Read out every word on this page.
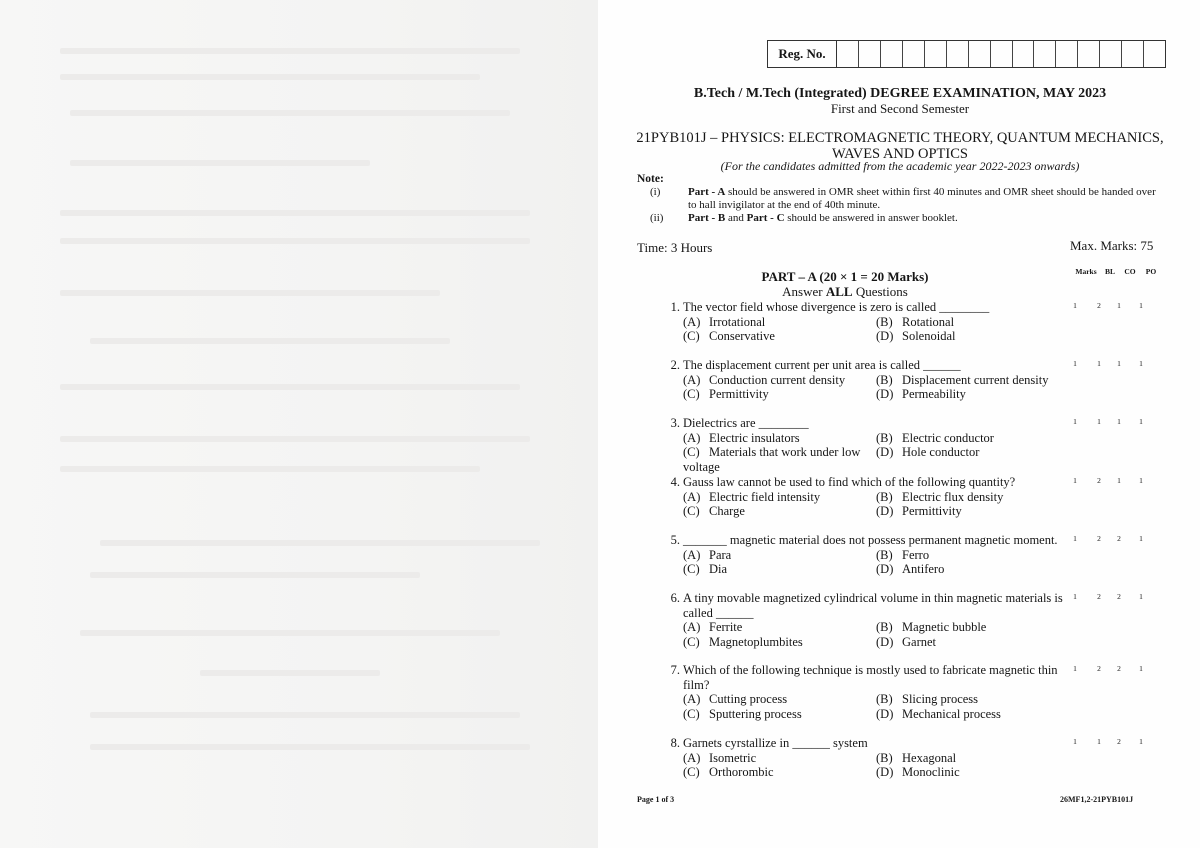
Reg. No.
B.Tech / M.Tech (Integrated) DEGREE EXAMINATION, MAY 2023
First and Second Semester
21PYB101J – PHYSICS: ELECTROMAGNETIC THEORY, QUANTUM MECHANICS, WAVES AND OPTICS
(For the candidates admitted from the academic year 2022-2023 onwards)
Note:
(i)	Part - A should be answered in OMR sheet within first 40 minutes and OMR sheet should be handed over to hall invigilator at the end of 40th minute.
(ii)	Part - B and Part - C should be answered in answer booklet.
Time: 3 Hours	Max. Marks: 75
PART – A (20 × 1 = 20 Marks)
Answer ALL Questions
Marks	BL	CO	PO
1. The vector field whose divergence is zero is called ________
(A) Irrotational	(B) Rotational
(C) Conservative	(D) Solenoidal
1	2	1	1
2. The displacement current per unit area is called ______
(A) Conduction current density (B) Displacement current density
(C) Permittivity	(D) Permeability
1	1	1	1
3. Dielectrics are ________
(A) Electric insulators	(B) Electric conductor
(C) Materials that work under low voltage
(D) Hole conductor
1	1	1	1
4. Gauss law cannot be used to find which of the following quantity?
(A) Electric field intensity	(B) Electric flux density
(C) Charge	(D) Permittivity
1	2	1	1
5. _______ magnetic material does not possess permanent magnetic moment.
(A) Para	(B) Ferro
(C) Dia	(D) Antifero
1	2	2	1
6. A tiny movable magnetized cylindrical volume in thin magnetic materials is called ______
(A) Ferrite	(B) Magnetic bubble
(C) Magnetoplumbites	(D) Garnet
1	2	2	1
7. Which of the following technique is mostly used to fabricate magnetic thin film?
(A) Cutting process	(B) Slicing process
(C) Sputtering process	(D) Mechanical process
1	2	2	1
8. Garnets cyrstallize in ______ system
(A) Isometric	(B) Hexagonal
(C) Orthorombic	(D) Monoclinic
1	1	2	1
Page 1 of 3	26MF1,2-21PYB101J
